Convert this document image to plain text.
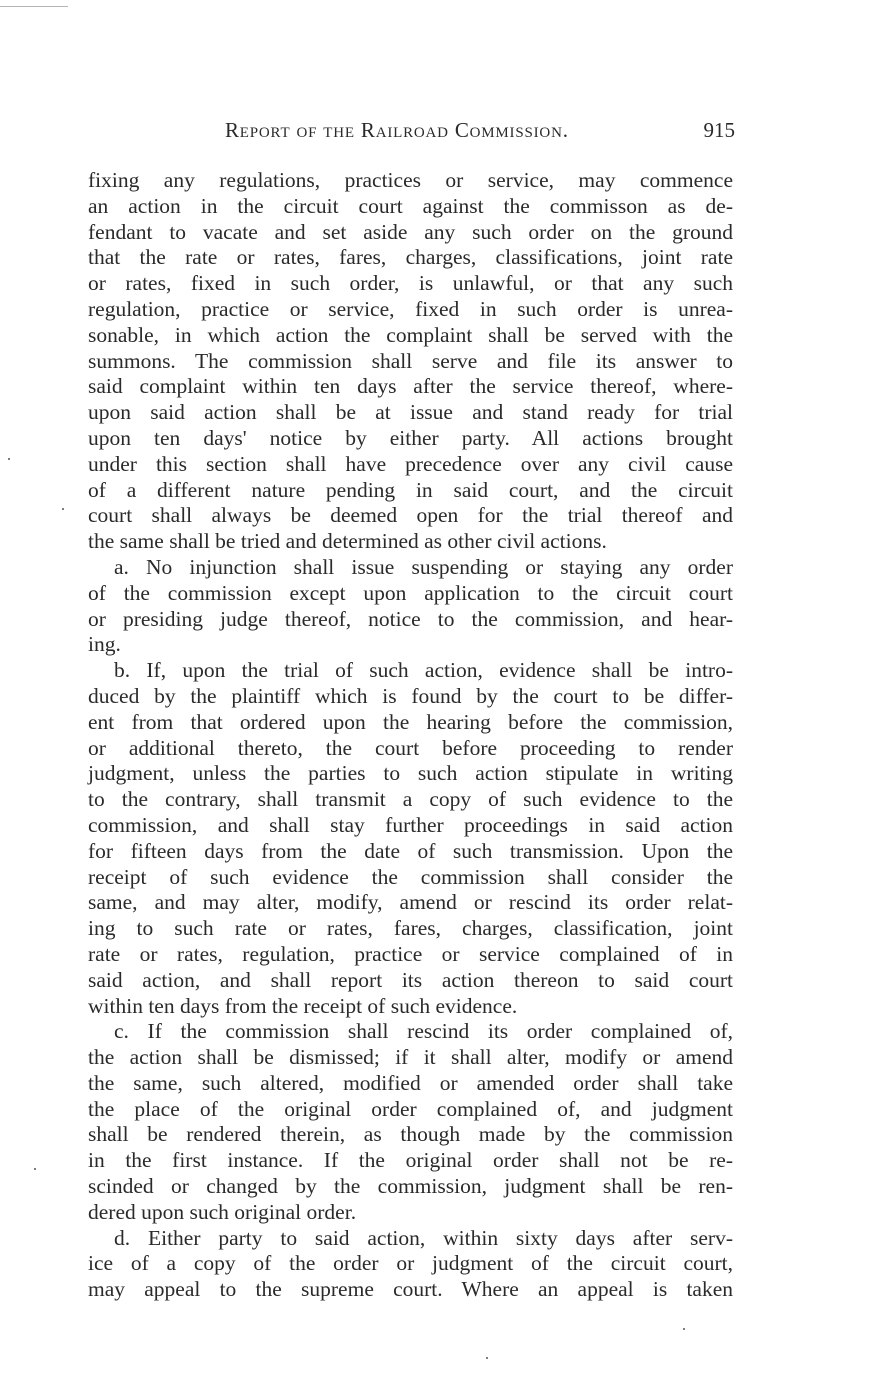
Report of the Railroad Commission.	915
fixing any regulations, practices or service, may commence
an action in the circuit court against the commisson as de-
fendant to vacate and set aside any such order on the ground
that the rate or rates, fares, charges, classifications, joint rate
or rates, fixed in such order, is unlawful, or that any such
regulation, practice or service, fixed in such order is unrea-
sonable, in which action the complaint shall be served with the
summons. The commission shall serve and file its answer to
said complaint within ten days after the service thereof, where-
upon said action shall be at issue and stand ready for trial
upon ten days' notice by either party. All actions brought
under this section shall have precedence over any civil cause
of a different nature pending in said court, and the circuit
court shall always be deemed open for the trial thereof and
the same shall be tried and determined as other civil actions.
a. No injunction shall issue suspending or staying any order
of the commission except upon application to the circuit court
or presiding judge thereof, notice to the commission, and hear-
ing.
b. If, upon the trial of such action, evidence shall be intro-
duced by the plaintiff which is found by the court to be differ-
ent from that ordered upon the hearing before the commission,
or additional thereto, the court before proceeding to render
judgment, unless the parties to such action stipulate in writing
to the contrary, shall transmit a copy of such evidence to the
commission, and shall stay further proceedings in said action
for fifteen days from the date of such transmission. Upon the
receipt of such evidence the commission shall consider the
same, and may alter, modify, amend or rescind its order relat-
ing to such rate or rates, fares, charges, classification, joint
rate or rates, regulation, practice or service complained of in
said action, and shall report its action thereon to said court
within ten days from the receipt of such evidence.
c. If the commission shall rescind its order complained of,
the action shall be dismissed; if it shall alter, modify or amend
the same, such altered, modified or amended order shall take
the place of the original order complained of, and judgment
shall be rendered therein, as though made by the commission
in the first instance. If the original order shall not be re-
scinded or changed by the commission, judgment shall be ren-
dered upon such original order.
d. Either party to said action, within sixty days after serv-
ice of a copy of the order or judgment of the circuit court,
may appeal to the supreme court. Where an appeal is taken
